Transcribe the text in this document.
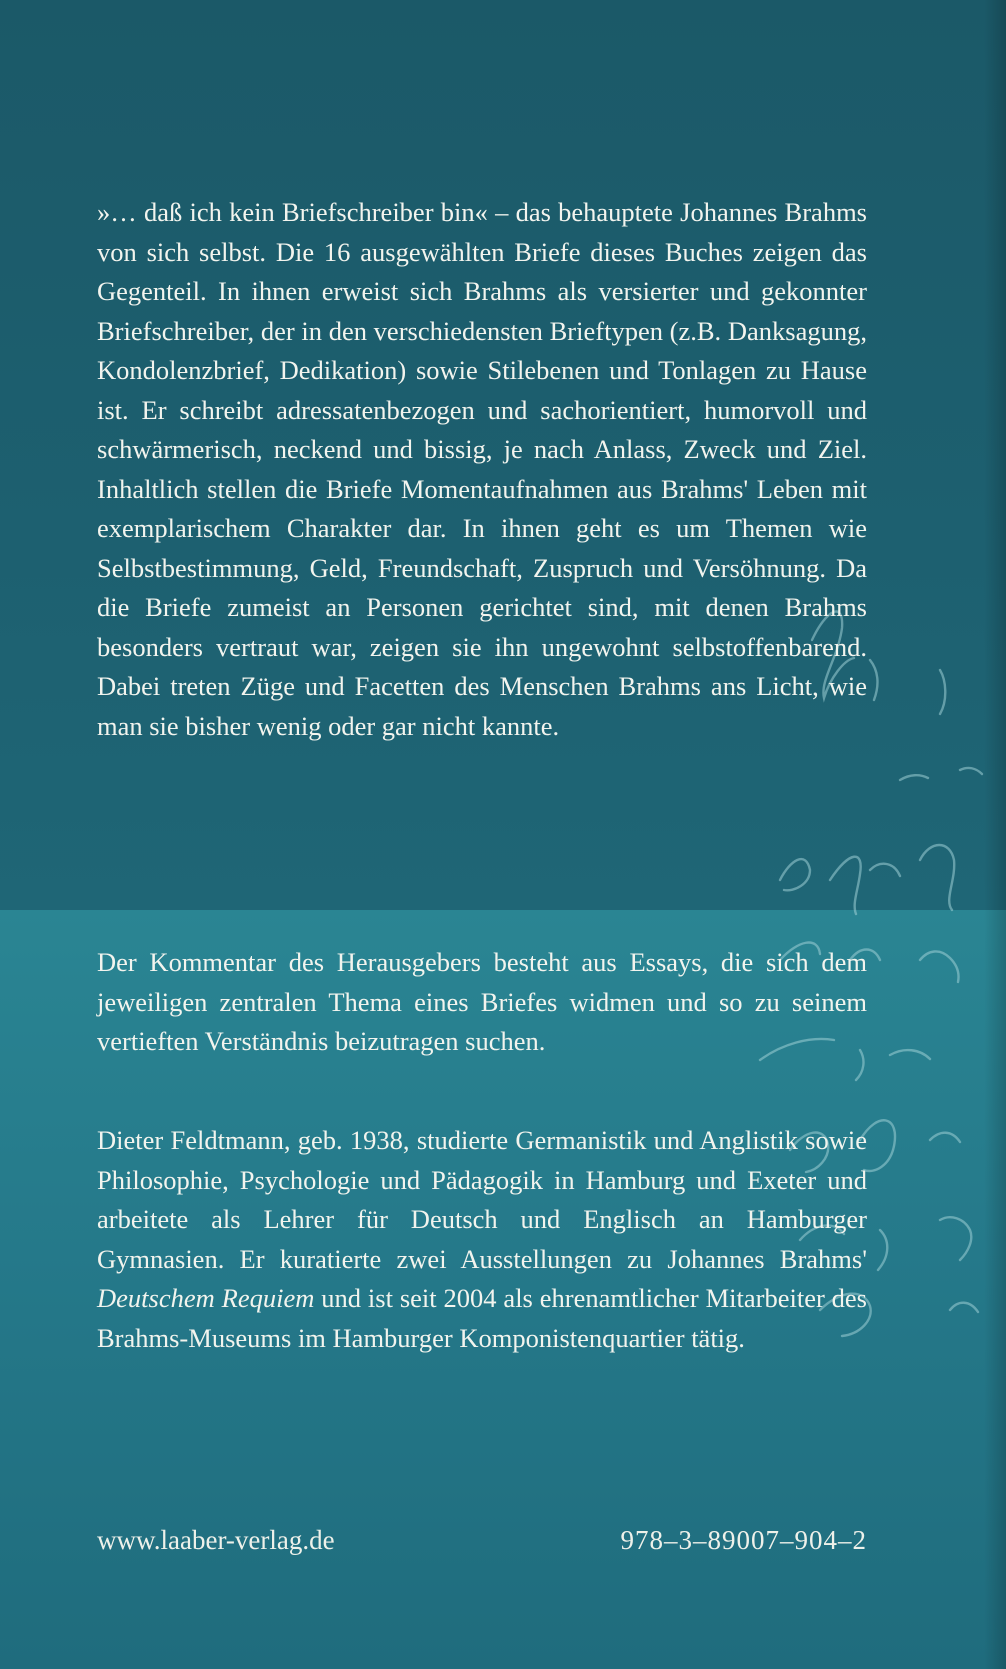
»… daß ich kein Briefschreiber bin« – das behauptete Johannes Brahms von sich selbst. Die 16 ausgewählten Briefe dieses Buches zeigen das Gegenteil. In ihnen erweist sich Brahms als versierter und gekonnter Briefschreiber, der in den verschiedensten Brieftypen (z.B. Danksagung, Kondolenzbrief, Dedikation) sowie Stilebenen und Tonlagen zu Hause ist. Er schreibt adressatenbezogen und sachorientiert, humorvoll und schwärmerisch, neckend und bissig, je nach Anlass, Zweck und Ziel. Inhaltlich stellen die Briefe Momentaufnahmen aus Brahms' Leben mit exemplarischem Charakter dar. In ihnen geht es um Themen wie Selbstbestimmung, Geld, Freundschaft, Zuspruch und Versöhnung. Da die Briefe zumeist an Personen gerichtet sind, mit denen Brahms besonders vertraut war, zeigen sie ihn ungewohnt selbstoffenbarend. Dabei treten Züge und Facetten des Menschen Brahms ans Licht, wie man sie bisher wenig oder gar nicht kannte.
Der Kommentar des Herausgebers besteht aus Essays, die sich dem jeweiligen zentralen Thema eines Briefes widmen und so zu seinem vertieften Verständnis beizutragen suchen.
Dieter Feldtmann, geb. 1938, studierte Germanistik und Anglistik sowie Philosophie, Psychologie und Pädagogik in Hamburg und Exeter und arbeitete als Lehrer für Deutsch und Englisch an Hamburger Gymnasien. Er kuratierte zwei Ausstellungen zu Johannes Brahms' Deutschem Requiem und ist seit 2004 als ehrenamtlicher Mitarbeiter des Brahms-Museums im Hamburger Komponistenquartier tätig.
www.laaber-verlag.de	978–3–89007–904–2
